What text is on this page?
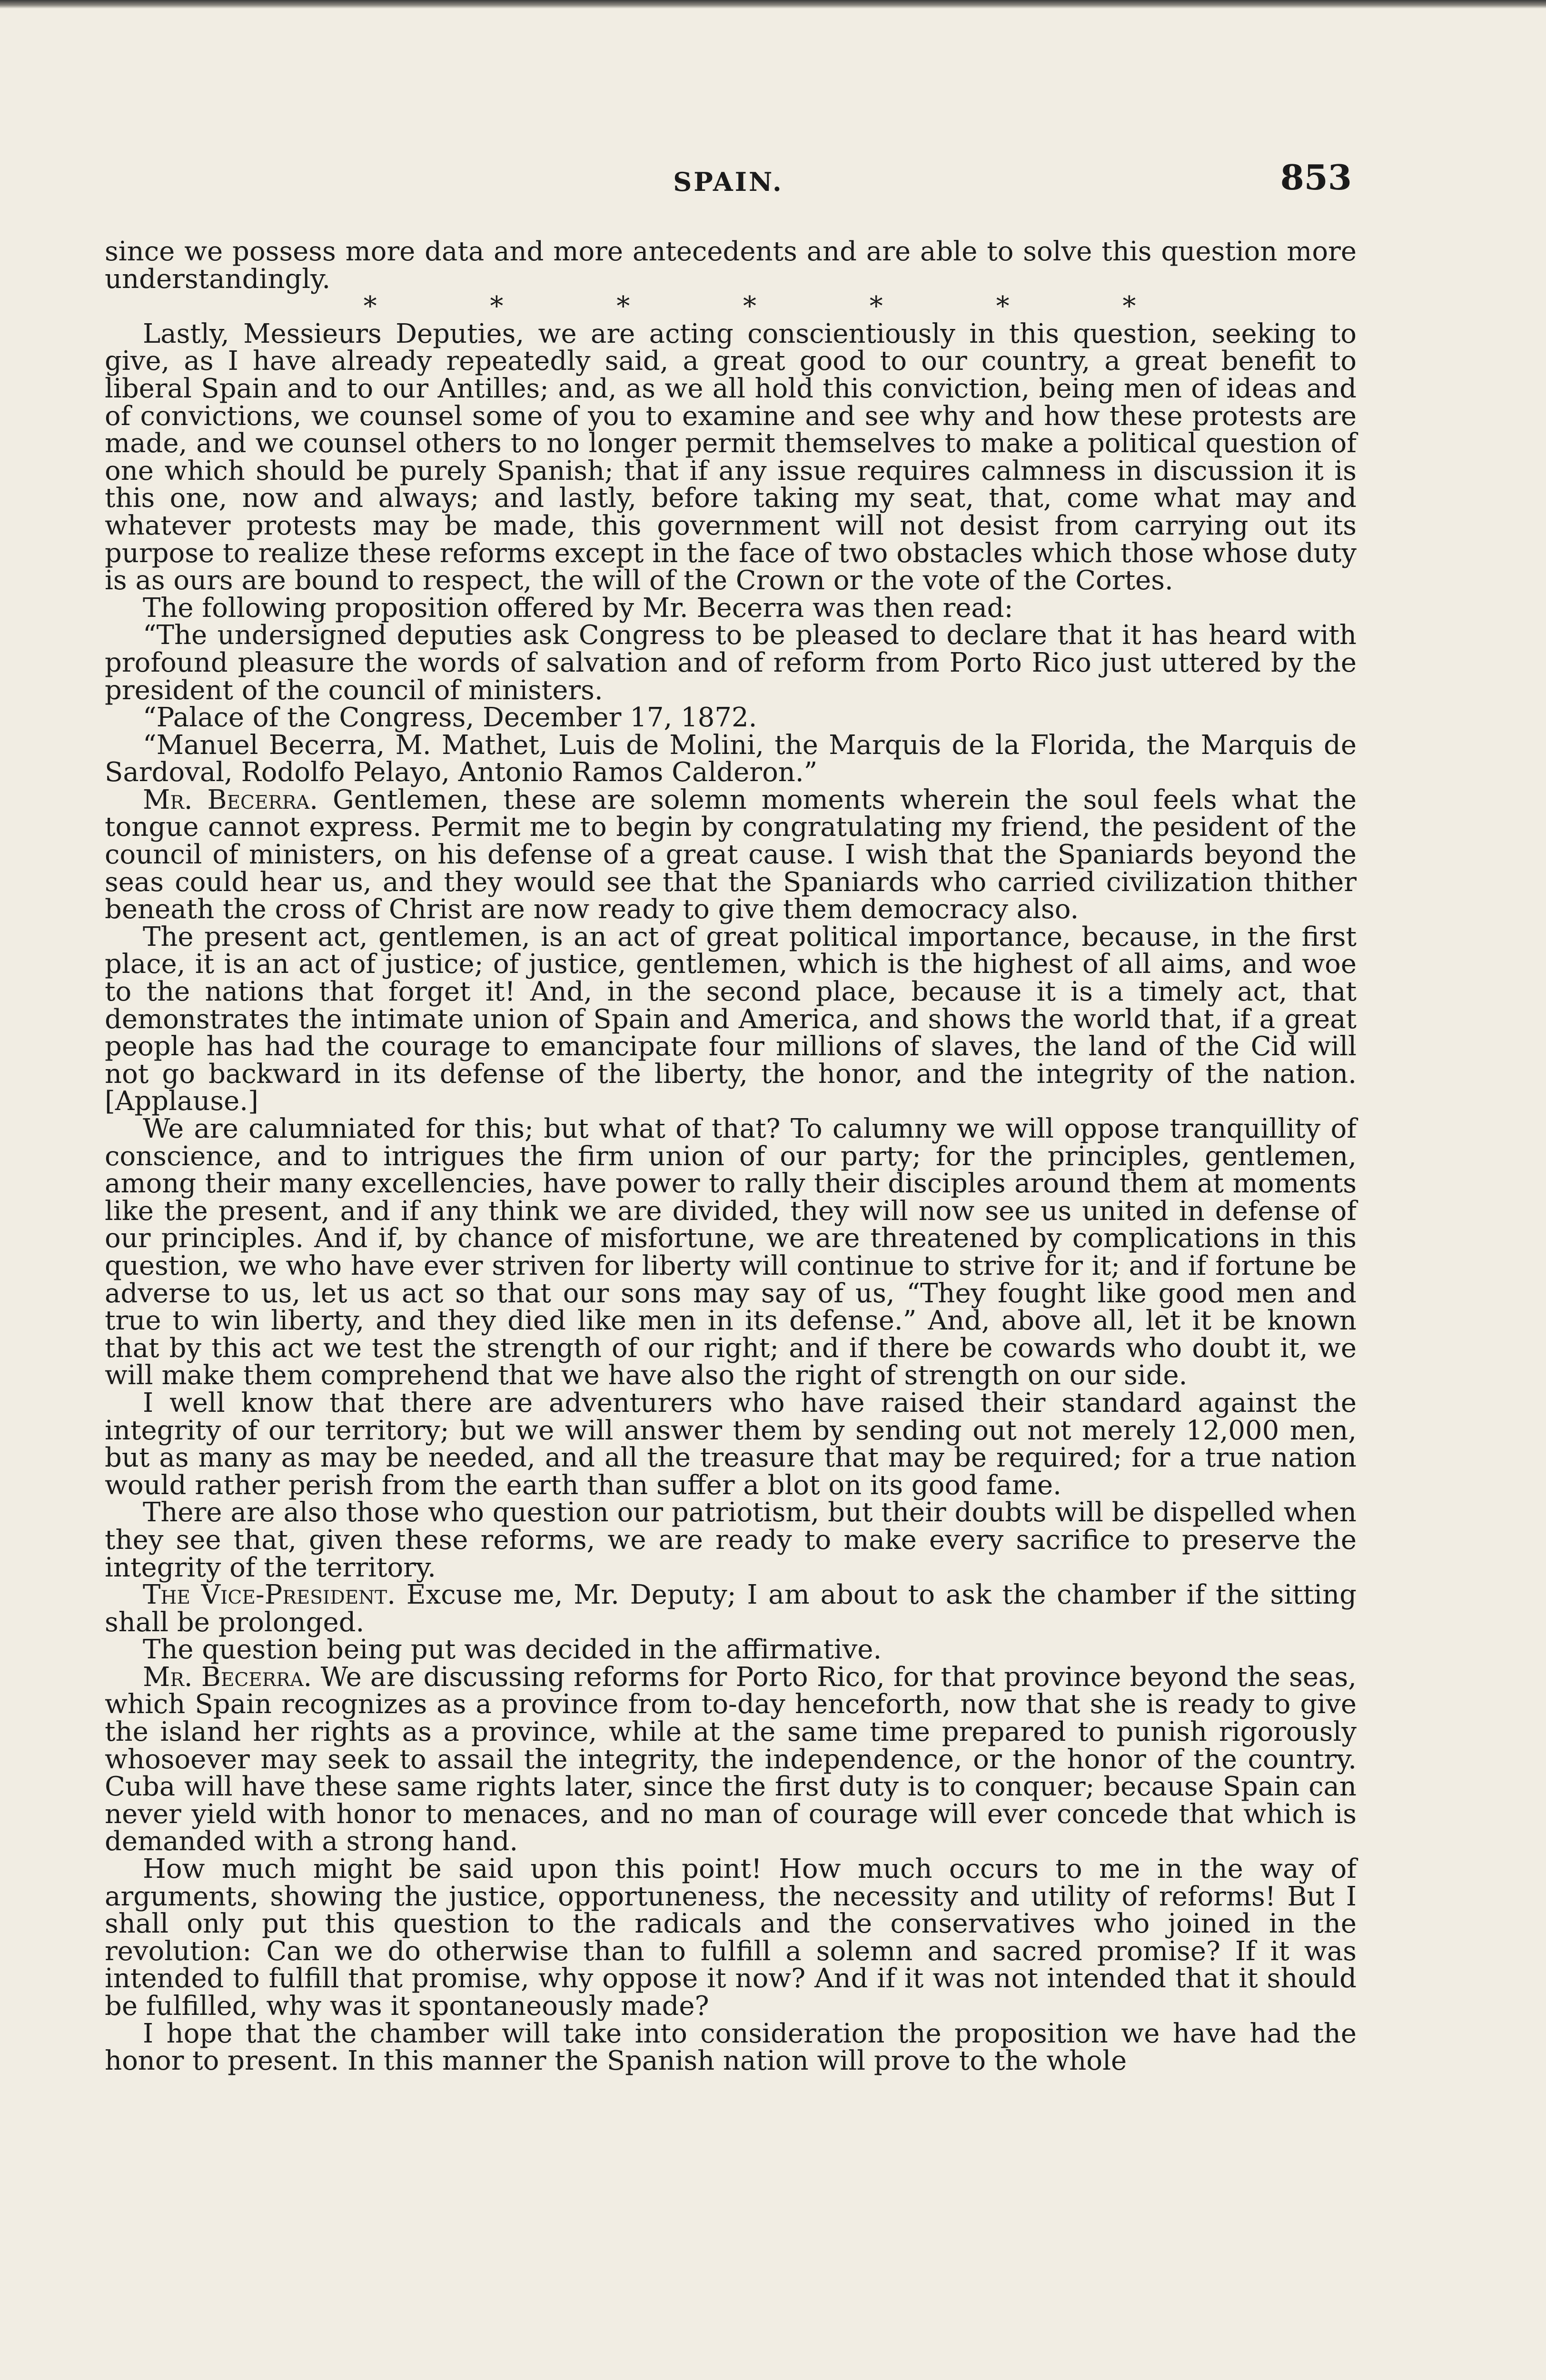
SPAIN.	853

since we possess more data and more antecedents and are able to solve this question more understandingly.

* * * * * * *

Lastly, Messieurs Deputies, we are acting conscientiously in this question, seeking to give, as I have already repeatedly said, a great good to our country, a great benefit to liberal Spain and to our Antilles; and, as we all hold this conviction, being men of ideas and of convictions, we counsel some of you to examine and see why and how these protests are made, and we counsel others to no longer permit themselves to make a political question of one which should be purely Spanish; that if any issue requires calmness in discussion it is this one, now and always; and lastly, before taking my seat, that, come what may and whatever protests may be made, this government will not desist from carrying out its purpose to realize these reforms except in the face of two obstacles which those whose duty is as ours are bound to respect, the will of the Crown or the vote of the Cortes.

The following proposition offered by Mr. Becerra was then read:

“The undersigned deputies ask Congress to be pleased to declare that it has heard with profound pleasure the words of salvation and of reform from Porto Rico just uttered by the president of the council of ministers.

“Palace of the Congress, December 17, 1872.

“Manuel Becerra, M. Mathet, Luis de Molini, the Marquis de la Florida, the Marquis de Sardoval, Rodolfo Pelayo, Antonio Ramos Calderon.”

Mr. Becerra. Gentlemen, these are solemn moments wherein the soul feels what the tongue cannot express. Permit me to begin by congratulating my friend, the pesident of the council of ministers, on his defense of a great cause. I wish that the Spaniards beyond the seas could hear us, and they would see that the Spaniards who carried civilization thither beneath the cross of Christ are now ready to give them democracy also.

The present act, gentlemen, is an act of great political importance, because, in the first place, it is an act of justice; of justice, gentlemen, which is the highest of all aims, and woe to the nations that forget it! And, in the second place, because it is a timely act, that demonstrates the intimate union of Spain and America, and shows the world that, if a great people has had the courage to emancipate four millions of slaves, the land of the Cid will not go backward in its defense of the liberty, the honor, and the integrity of the nation. [Applause.]

We are calumniated for this; but what of that? To calumny we will oppose tranquillity of conscience, and to intrigues the firm union of our party; for the principles, gentlemen, among their many excellencies, have power to rally their disciples around them at moments like the present, and if any think we are divided, they will now see us united in defense of our principles. And if, by chance of misfortune, we are threatened by complications in this question, we who have ever striven for liberty will continue to strive for it; and if fortune be adverse to us, let us act so that our sons may say of us, “They fought like good men and true to win liberty, and they died like men in its defense.” And, above all, let it be known that by this act we test the strength of our right; and if there be cowards who doubt it, we will make them comprehend that we have also the right of strength on our side.

I well know that there are adventurers who have raised their standard against the integrity of our territory; but we will answer them by sending out not merely 12,000 men, but as many as may be needed, and all the treasure that may be required; for a true nation would rather perish from the earth than suffer a blot on its good fame.

There are also those who question our patriotism, but their doubts will be dispelled when they see that, given these reforms, we are ready to make every sacrifice to preserve the integrity of the territory.

The Vice-President. Excuse me, Mr. Deputy; I am about to ask the chamber if the sitting shall be prolonged.

The question being put was decided in the affirmative.

Mr. Becerra. We are discussing reforms for Porto Rico, for that province beyond the seas, which Spain recognizes as a province from to-day henceforth, now that she is ready to give the island her rights as a province, while at the same time prepared to punish rigorously whosoever may seek to assail the integrity, the independence, or the honor of the country. Cuba will have these same rights later, since the first duty is to conquer; because Spain can never yield with honor to menaces, and no man of courage will ever concede that which is demanded with a strong hand.

How much might be said upon this point! How much occurs to me in the way of arguments, showing the justice, opportuneness, the necessity and utility of reforms! But I shall only put this question to the radicals and the conservatives who joined in the revolution: Can we do otherwise than to fulfill a solemn and sacred promise? If it was intended to fulfill that promise, why oppose it now? And if it was not intended that it should be fulfilled, why was it spontaneously made?

I hope that the chamber will take into consideration the proposition we have had the honor to present. In this manner the Spanish nation will prove to the whole
